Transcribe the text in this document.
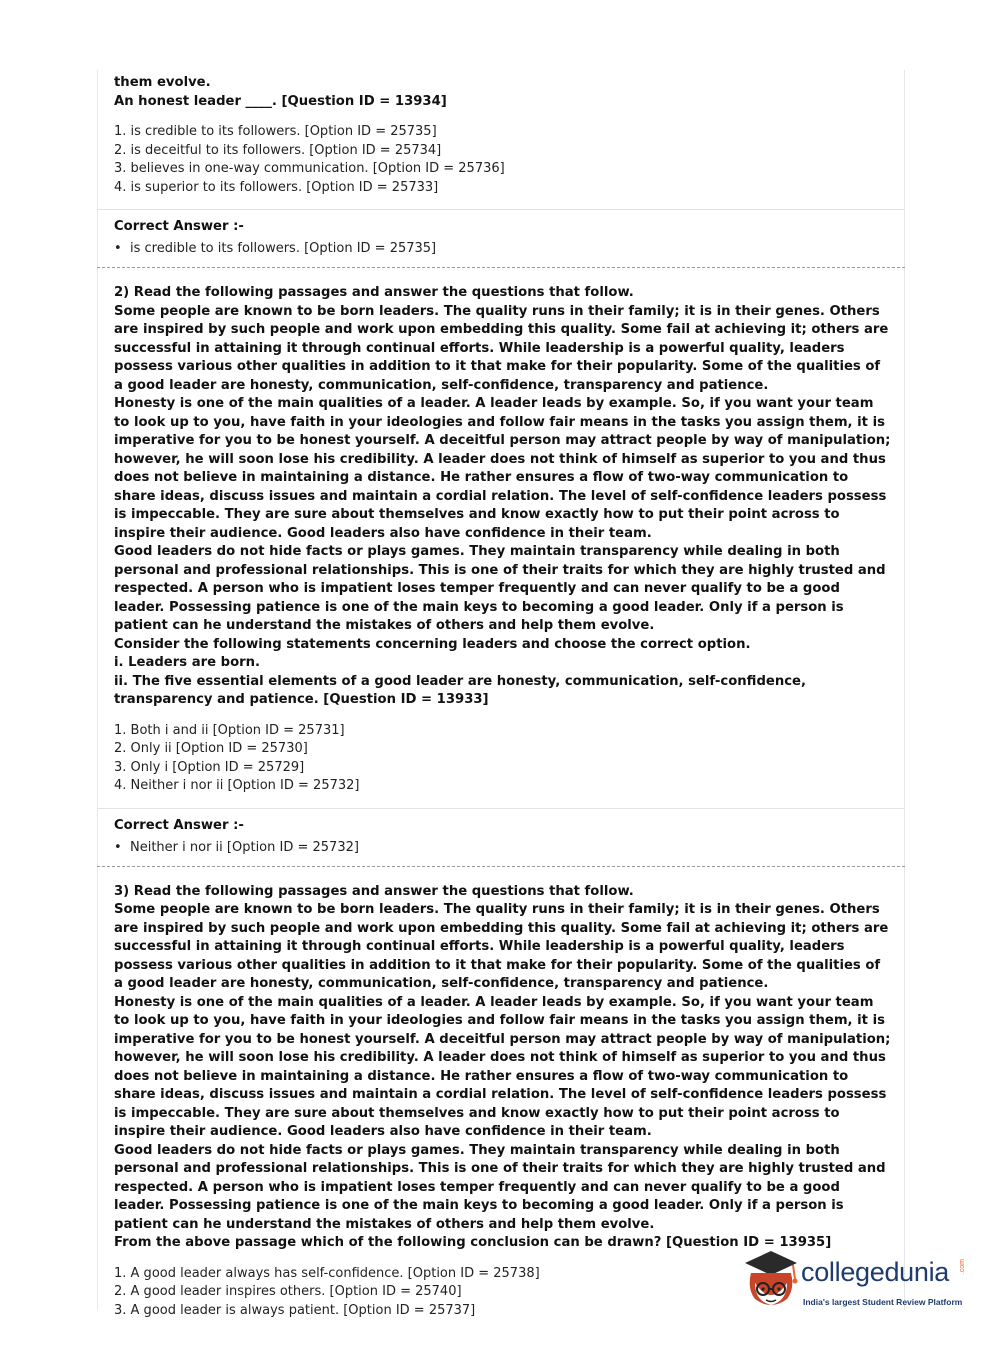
them evolve.

An honest leader ____. [Question ID = 13934]

1. is credible to its followers. [Option ID = 25735]
2. is deceitful to its followers. [Option ID = 25734]
3. believes in one-way communication. [Option ID = 25736]
4. is superior to its followers. [Option ID = 25733]

Correct Answer :-

• is credible to its followers. [Option ID = 25735]

2) Read the following passages and answer the questions that follow.

Some people are known to be born leaders. The quality runs in their family; it is in their genes. Others are inspired by such people and work upon embedding this quality. Some fail at achieving it; others are successful in attaining it through continual efforts. While leadership is a powerful quality, leaders possess various other qualities in addition to it that make for their popularity. Some of the qualities of a good leader are honesty, communication, self-confidence, transparency and patience.

Honesty is one of the main qualities of a leader. A leader leads by example. So, if you want your team to look up to you, have faith in your ideologies and follow fair means in the tasks you assign them, it is imperative for you to be honest yourself. A deceitful person may attract people by way of manipulation; however, he will soon lose his credibility. A leader does not think of himself as superior to you and thus does not believe in maintaining a distance. He rather ensures a flow of two-way communication to share ideas, discuss issues and maintain a cordial relation. The level of self-confidence leaders possess is impeccable. They are sure about themselves and know exactly how to put their point across to inspire their audience. Good leaders also have confidence in their team.

Good leaders do not hide facts or plays games. They maintain transparency while dealing in both personal and professional relationships. This is one of their traits for which they are highly trusted and respected. A person who is impatient loses temper frequently and can never qualify to be a good leader. Possessing patience is one of the main keys to becoming a good leader. Only if a person is patient can he understand the mistakes of others and help them evolve.

Consider the following statements concerning leaders and choose the correct option.

i. Leaders are born.

ii. The five essential elements of a good leader are honesty, communication, self-confidence, transparency and patience. [Question ID = 13933]

1. Both i and ii [Option ID = 25731]
2. Only ii [Option ID = 25730]
3. Only i [Option ID = 25729]
4. Neither i nor ii [Option ID = 25732]

Correct Answer :-

• Neither i nor ii [Option ID = 25732]

3) Read the following passages and answer the questions that follow.

Some people are known to be born leaders. The quality runs in their family; it is in their genes. Others are inspired by such people and work upon embedding this quality. Some fail at achieving it; others are successful in attaining it through continual efforts. While leadership is a powerful quality, leaders possess various other qualities in addition to it that make for their popularity. Some of the qualities of a good leader are honesty, communication, self-confidence, transparency and patience.

Honesty is one of the main qualities of a leader. A leader leads by example. So, if you want your team to look up to you, have faith in your ideologies and follow fair means in the tasks you assign them, it is imperative for you to be honest yourself. A deceitful person may attract people by way of manipulation; however, he will soon lose his credibility. A leader does not think of himself as superior to you and thus does not believe in maintaining a distance. He rather ensures a flow of two-way communication to share ideas, discuss issues and maintain a cordial relation. The level of self-confidence leaders possess is impeccable. They are sure about themselves and know exactly how to put their point across to inspire their audience. Good leaders also have confidence in their team.

Good leaders do not hide facts or plays games. They maintain transparency while dealing in both personal and professional relationships. This is one of their traits for which they are highly trusted and respected. A person who is impatient loses temper frequently and can never qualify to be a good leader. Possessing patience is one of the main keys to becoming a good leader. Only if a person is patient can he understand the mistakes of others and help them evolve.

From the above passage which of the following conclusion can be drawn? [Question ID = 13935]

1. A good leader always has self-confidence. [Option ID = 25738]
2. A good leader inspires others. [Option ID = 25740]
3. A good leader is always patient. [Option ID = 25737]
collegedunia .com
India's largest Student Review Platform
